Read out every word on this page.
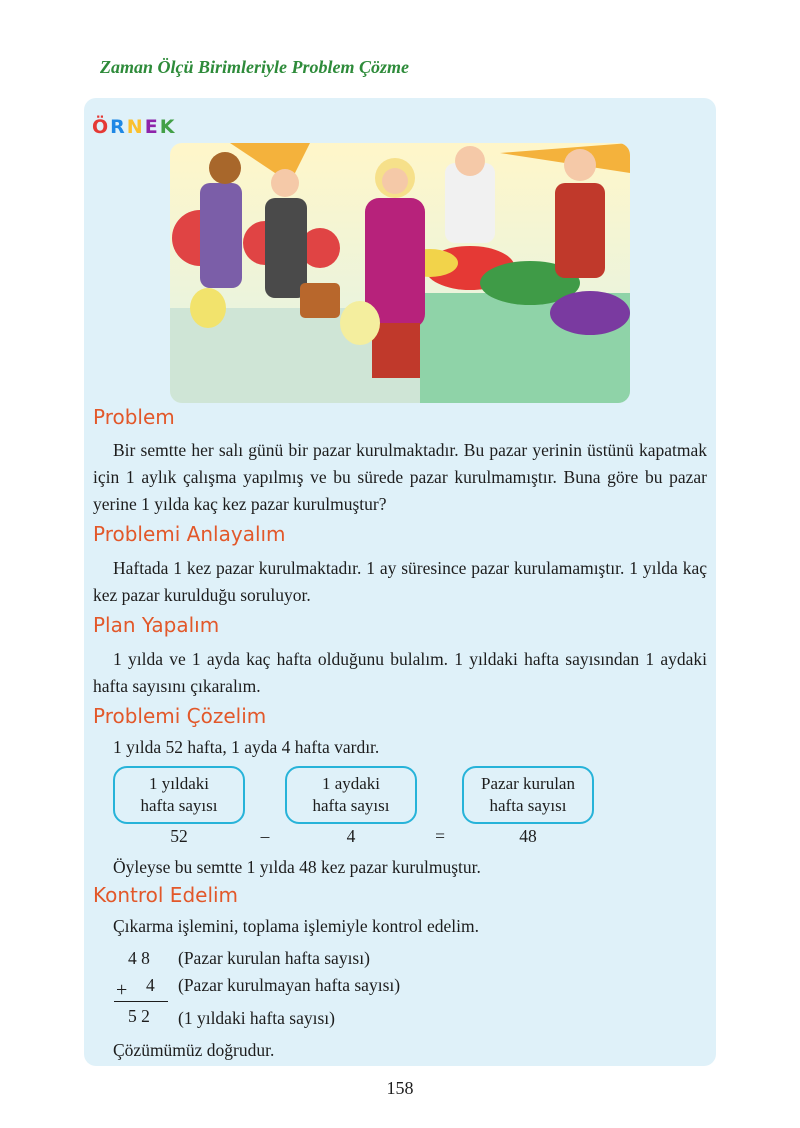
Zaman Ölçü Birimleriyle Problem Çözme
ÖRNEK
Problem
Bir semtte her salı günü bir pazar kurulmaktadır. Bu pazar yerinin üstünü kapatmak için 1 aylık çalışma yapılmış ve bu sürede pazar kurulmamıştır. Buna göre bu pazar yerine 1 yılda kaç kez pazar kurulmuştur?
Problemi Anlayalım
Haftada 1 kez pazar kurulmaktadır. 1 ay süresince pazar kurulamamıştır. 1 yılda kaç kez pazar kurulduğu soruluyor.
Plan Yapalım
1 yılda ve 1 ayda kaç hafta olduğunu bulalım. 1 yıldaki hafta sayısından 1 aydaki hafta sayısını çıkaralım.
Problemi Çözelim
1 yılda 52 hafta, 1 ayda 4 hafta vardır.
1 yıldaki
hafta sayısı
1 aydaki
hafta sayısı
Pazar kurulan
hafta sayısı
52	–	4	=	48
Öyleyse bu semtte 1 yılda 48 kez pazar kurulmuştur.
Kontrol Edelim
Çıkarma işlemini, toplama işlemiyle kontrol edelim.
4 8 (Pazar kurulan hafta sayısı)
+ 4 (Pazar kurulmayan hafta sayısı)
5 2 (1 yıldaki hafta sayısı)
Çözümümüz doğrudur.
158
